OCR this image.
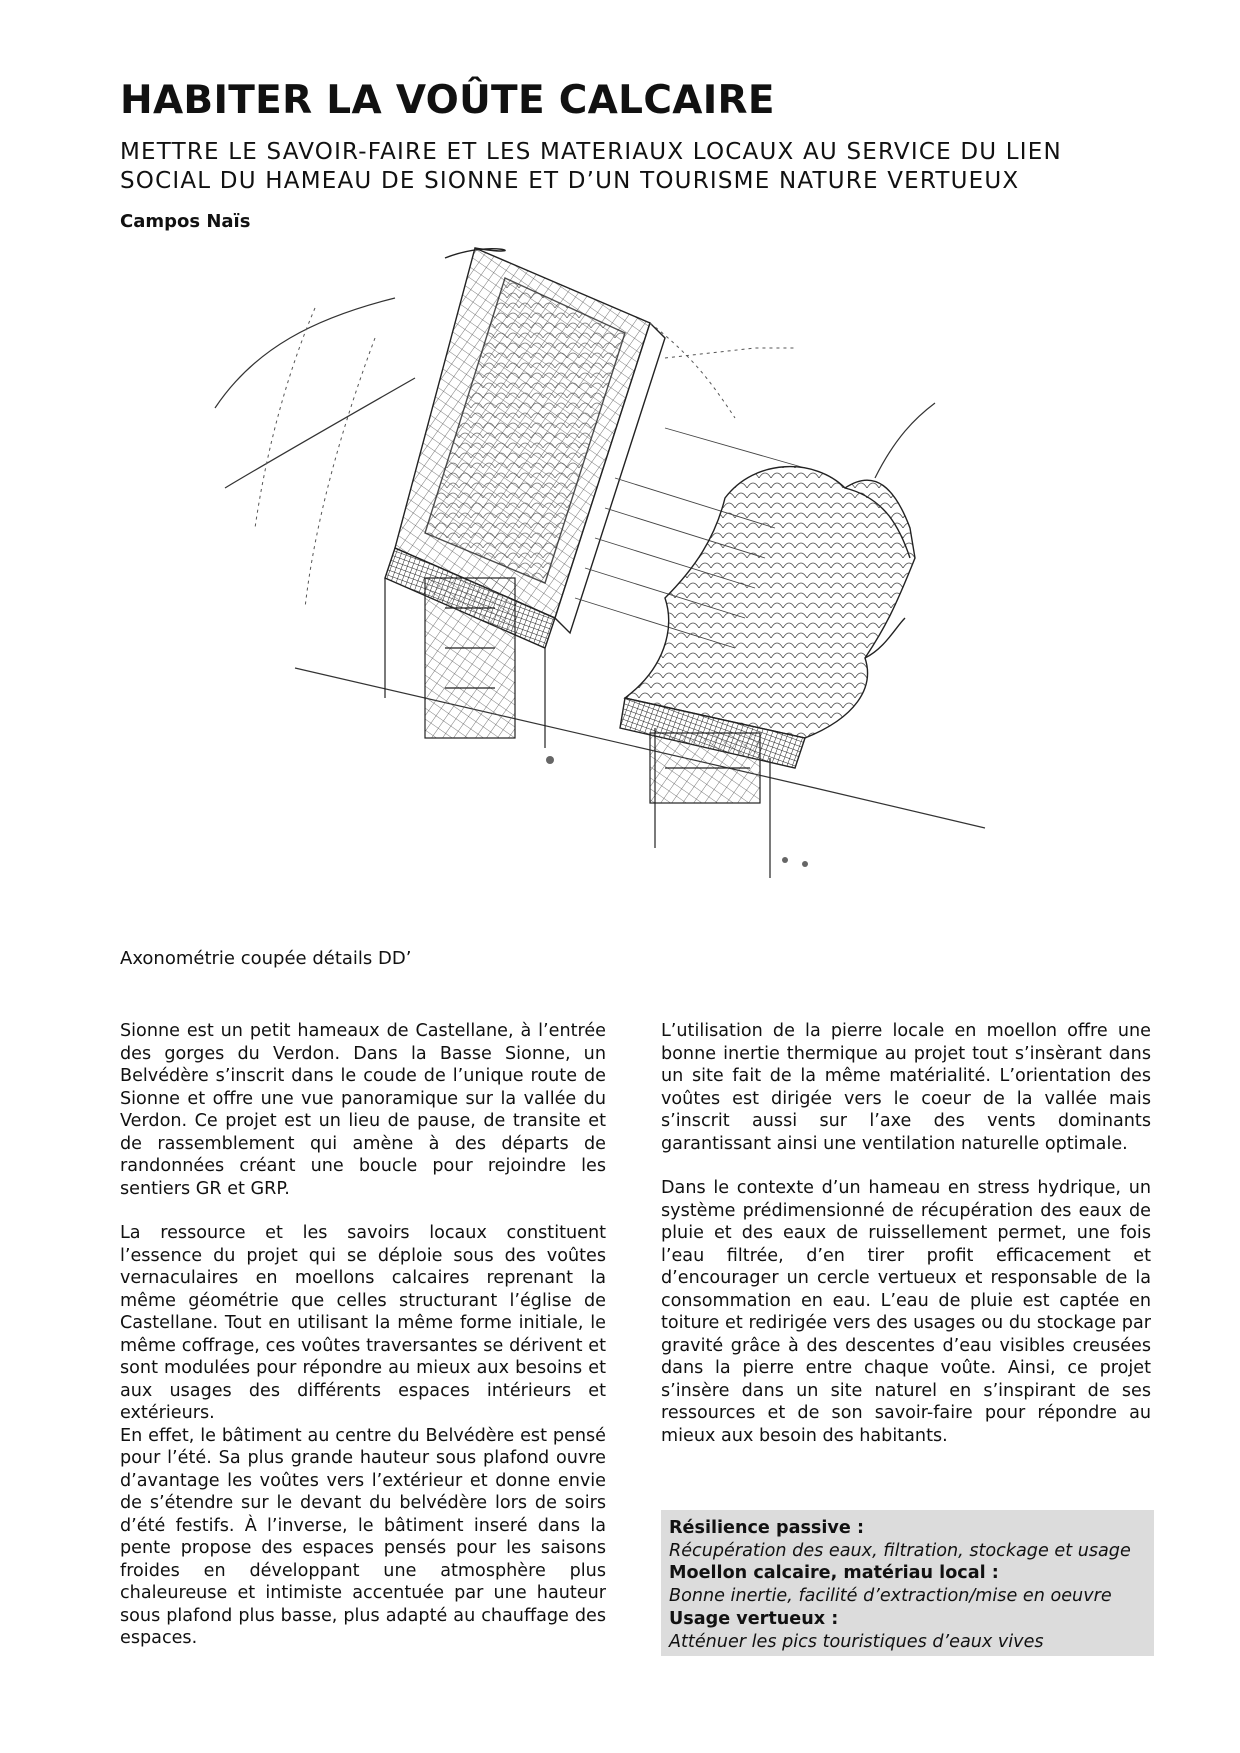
HABITER LA VOÛTE CALCAIRE
METTRE LE SAVOIR-FAIRE ET LES MATERIAUX LOCAUX AU SERVICE DU LIEN
SOCIAL DU HAMEAU DE SIONNE ET D’UN TOURISME NATURE VERTUEUX

Campos Naïs

Axonométrie coupée détails DD’

Sionne est un petit hameaux de Castellane, à l’entrée des gorges du Verdon. Dans la Basse Sionne, un Belvédère s’inscrit dans le coude de l’unique route de Sionne et offre une vue panoramique sur la vallée du Verdon. Ce projet est un lieu de pause, de transite et de rassemblement qui amène à des départs de randonnées créant une boucle pour rejoindre les sentiers GR et GRP.

La ressource et les savoirs locaux constituent l’essence du projet qui se déploie sous des voûtes vernaculaires en moellons calcaires reprenant la même géométrie que celles structurant l’église de Castellane. Tout en utilisant la même forme initiale, le même coffrage, ces voûtes traversantes se dérivent et sont modulées pour répondre au mieux aux besoins et aux usages des différents espaces intérieurs et extérieurs.

En effet, le bâtiment au centre du Belvédère est pensé pour l’été. Sa plus grande hauteur sous plafond ouvre d’avantage les voûtes vers l’extérieur et donne envie de s’étendre sur le devant du belvédère lors de soirs d’été festifs. À l’inverse, le bâtiment inseré dans la pente propose des espaces pensés pour les saisons froides en développant une atmosphère plus chaleureuse et intimiste accentuée par une hauteur sous plafond plus basse, plus adapté au chauffage des espaces.

L’utilisation de la pierre locale en moellon offre une bonne inertie thermique au projet tout s’insèrant dans un site fait de la même matérialité. L’orientation des voûtes est dirigée vers le coeur de la vallée mais s’inscrit aussi sur l’axe des vents dominants garantissant ainsi une ventilation naturelle optimale.

Dans le contexte d’un hameau en stress hydrique, un système prédimensionné de récupération des eaux de pluie et des eaux de ruissellement permet, une fois l’eau filtrée, d’en tirer profit efficacement et d’encourager un cercle vertueux et responsable de la consommation en eau. L’eau de pluie est captée en toiture et redirigée vers des usages ou du stockage par gravité grâce à des descentes d’eau visibles creusées dans la pierre entre chaque voûte. Ainsi, ce projet s’insère dans un site naturel en s’inspirant de ses ressources et de son savoir-faire pour répondre au mieux aux besoin des habitants.

Résilience passive :
Récupération des eaux, filtration, stockage et usage
Moellon calcaire, matériau local :
Bonne inertie, facilité d’extraction/mise en oeuvre
Usage vertueux :
Atténuer les pics touristiques d’eaux vives
